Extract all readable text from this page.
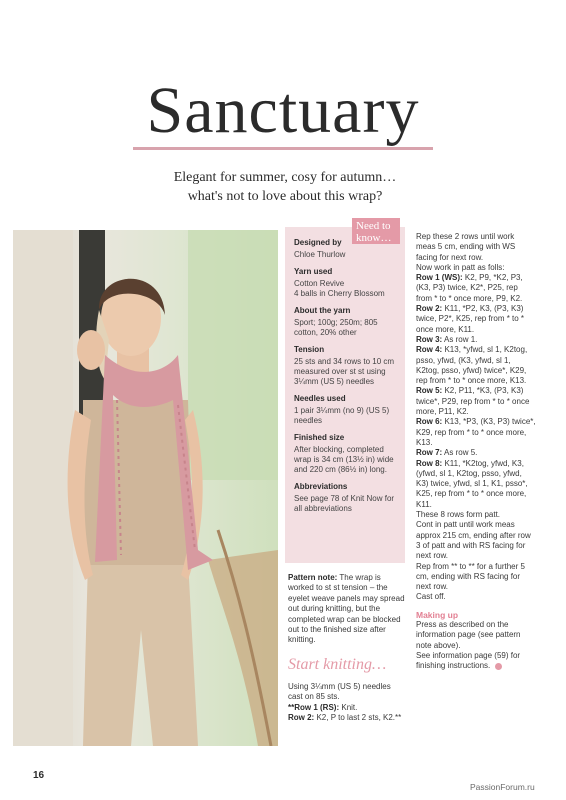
Sanctuary
Elegant for summer, cosy for autumn…
what's not to love about this wrap?
Need to know…
Designed by
Chloe Thurlow
Yarn used
Cotton Revive
4 balls in Cherry Blossom
About the yarn
Sport; 100g; 250m; 805 cotton, 20% other
Tension
25 sts and 34 rows to 10 cm measured over st st using 3¼mm (US 5) needles
Needles used
1 pair 3¼mm (no 9) (US 5) needles
Finished size
After blocking, completed wrap is 34 cm (13½ in) wide and 220 cm (86½ in) long.
Abbreviations
See page 78 of Knit Now for all abbreviations
Pattern note: The wrap is worked to st st tension – the eyelet weave panels may spread out during knitting, but the completed wrap can be blocked out to the finished size after knitting.
Start knitting…
Using 3¼mm (US 5) needles cast on 85 sts.
**Row 1 (RS): Knit.
Row 2: K2, P to last 2 sts, K2.**
Rep these 2 rows until work meas 5 cm, ending with WS facing for next row.
Now work in patt as folls:
Row 1 (WS): K2, P9, *K2, P3, (K3, P3) twice, K2*, P25, rep from * to * once more, P9, K2.
Row 2: K11, *P2, K3, (P3, K3) twice, P2*, K25, rep from * to * once more, K11.
Row 3: As row 1.
Row 4: K13, *yfwd, sl 1, K2tog, psso, yfwd, (K3, yfwd, sl 1, K2tog, psso, yfwd) twice*, K29, rep from * to * once more, K13.
Row 5: K2, P11, *K3, (P3, K3) twice*, P29, rep from * to * once more, P11, K2.
Row 6: K13, *P3, (K3, P3) twice*, K29, rep from * to * once more, K13.
Row 7: As row 5.
Row 8: K11, *K2tog, yfwd, K3, (yfwd, sl 1, K2tog, psso, yfwd, K3) twice, yfwd, sl 1, K1, psso*, K25, rep from * to * once more, K11.
These 8 rows form patt.
Cont in patt until work meas approx 215 cm, ending after row 3 of patt and with RS facing for next row.
Rep from ** to ** for a further 5 cm, ending with RS facing for next row.
Cast off.
Making up
Press as described on the information page (see pattern note above).
See information page (59) for finishing instructions.
16
PassionForum.ru
